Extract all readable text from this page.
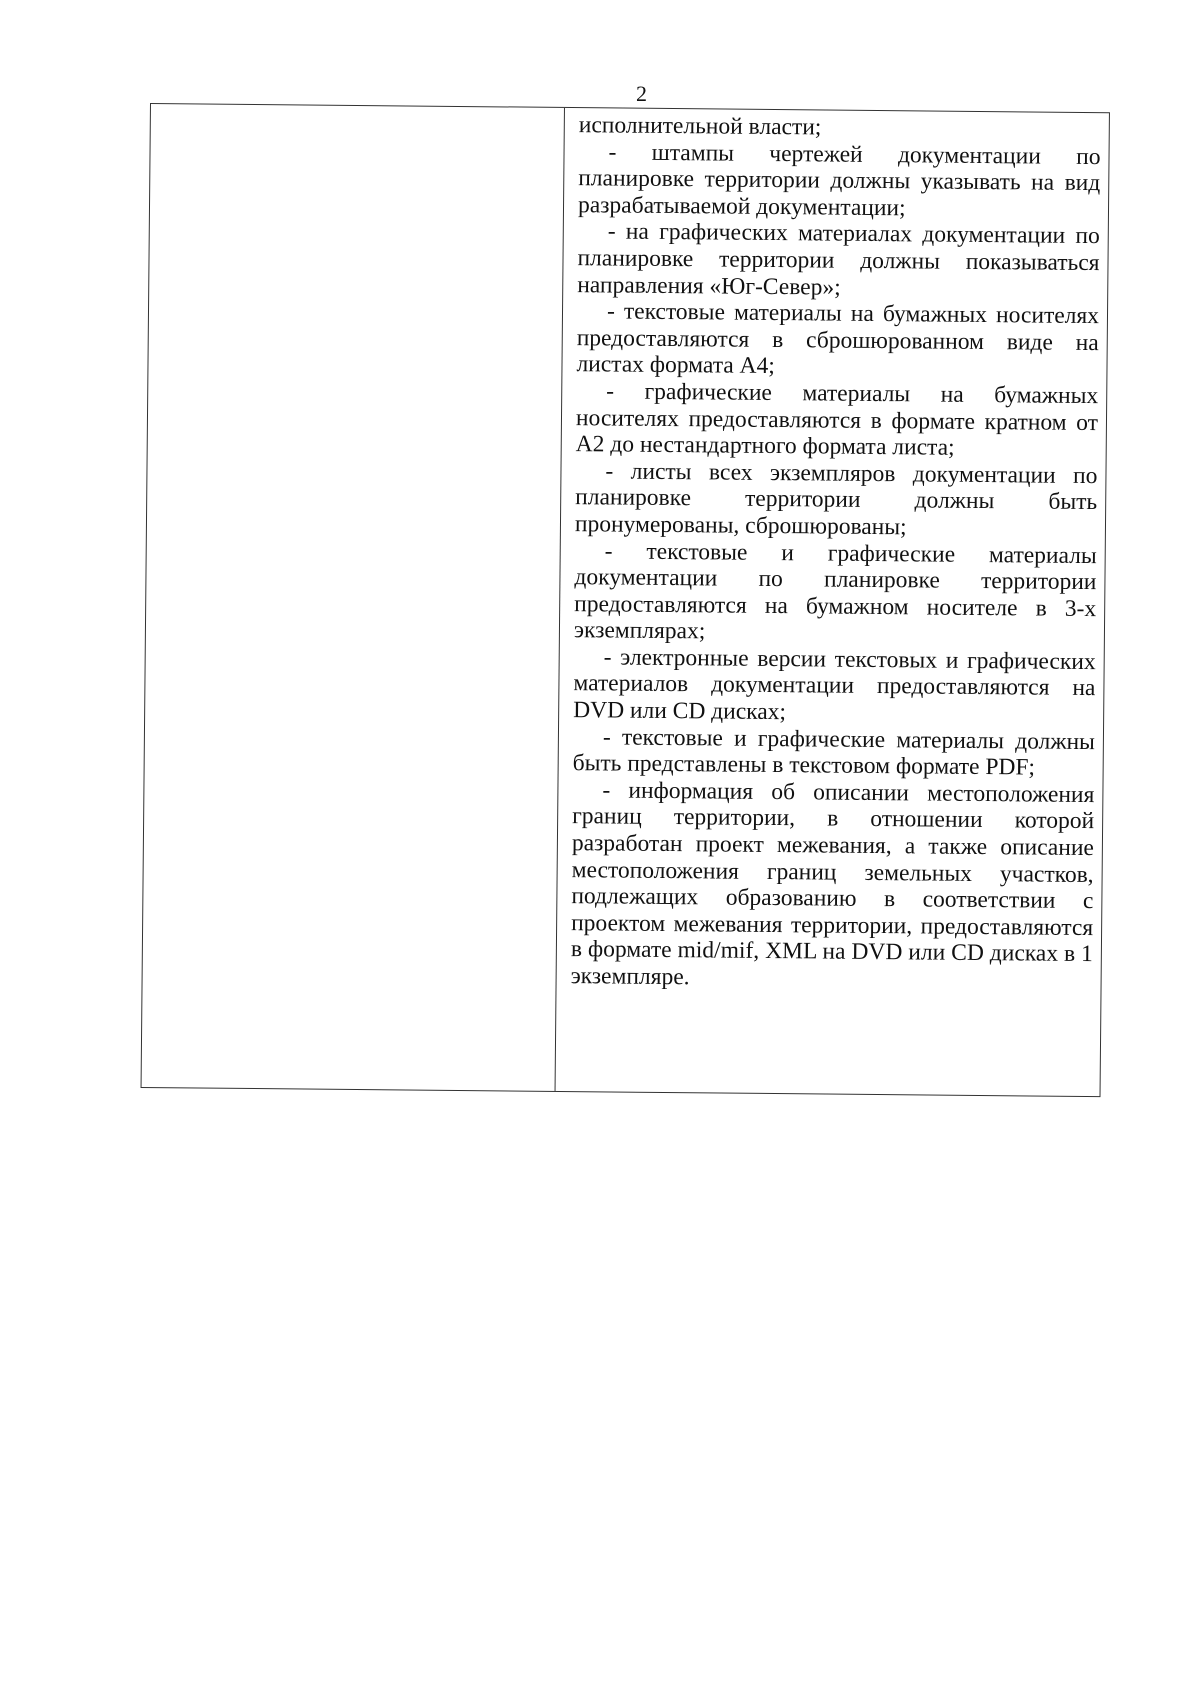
2

исполнительной власти;

- штампы чертежей документации по планировке территории должны указывать на вид разрабатываемой документации;

- на графических материалах документации по планировке территории должны показываться направления «Юг-Север»;

- текстовые материалы на бумажных носителях предоставляются в сброшюрованном виде на листах формата А4;

- графические материалы на бумажных носителях предоставляются в формате кратном от А2 до нестандартного формата листа;

- листы всех экземпляров документации по планировке территории должны быть пронумерованы, сброшюрованы;

- текстовые и графические материалы документации по планировке территории предоставляются на бумажном носителе в 3-х экземплярах;

- электронные версии текстовых и графических материалов документации предоставляются на DVD или CD дисках;

- текстовые и графические материалы должны быть представлены в текстовом формате PDF;

- информация об описании местоположения границ территории, в отношении которой разработан проект межевания, а также описание местоположения границ земельных участков, подлежащих образованию в соответствии с проектом межевания территории, предоставляются в формате mid/mif, XML на DVD или CD дисках в 1 экземпляре.
